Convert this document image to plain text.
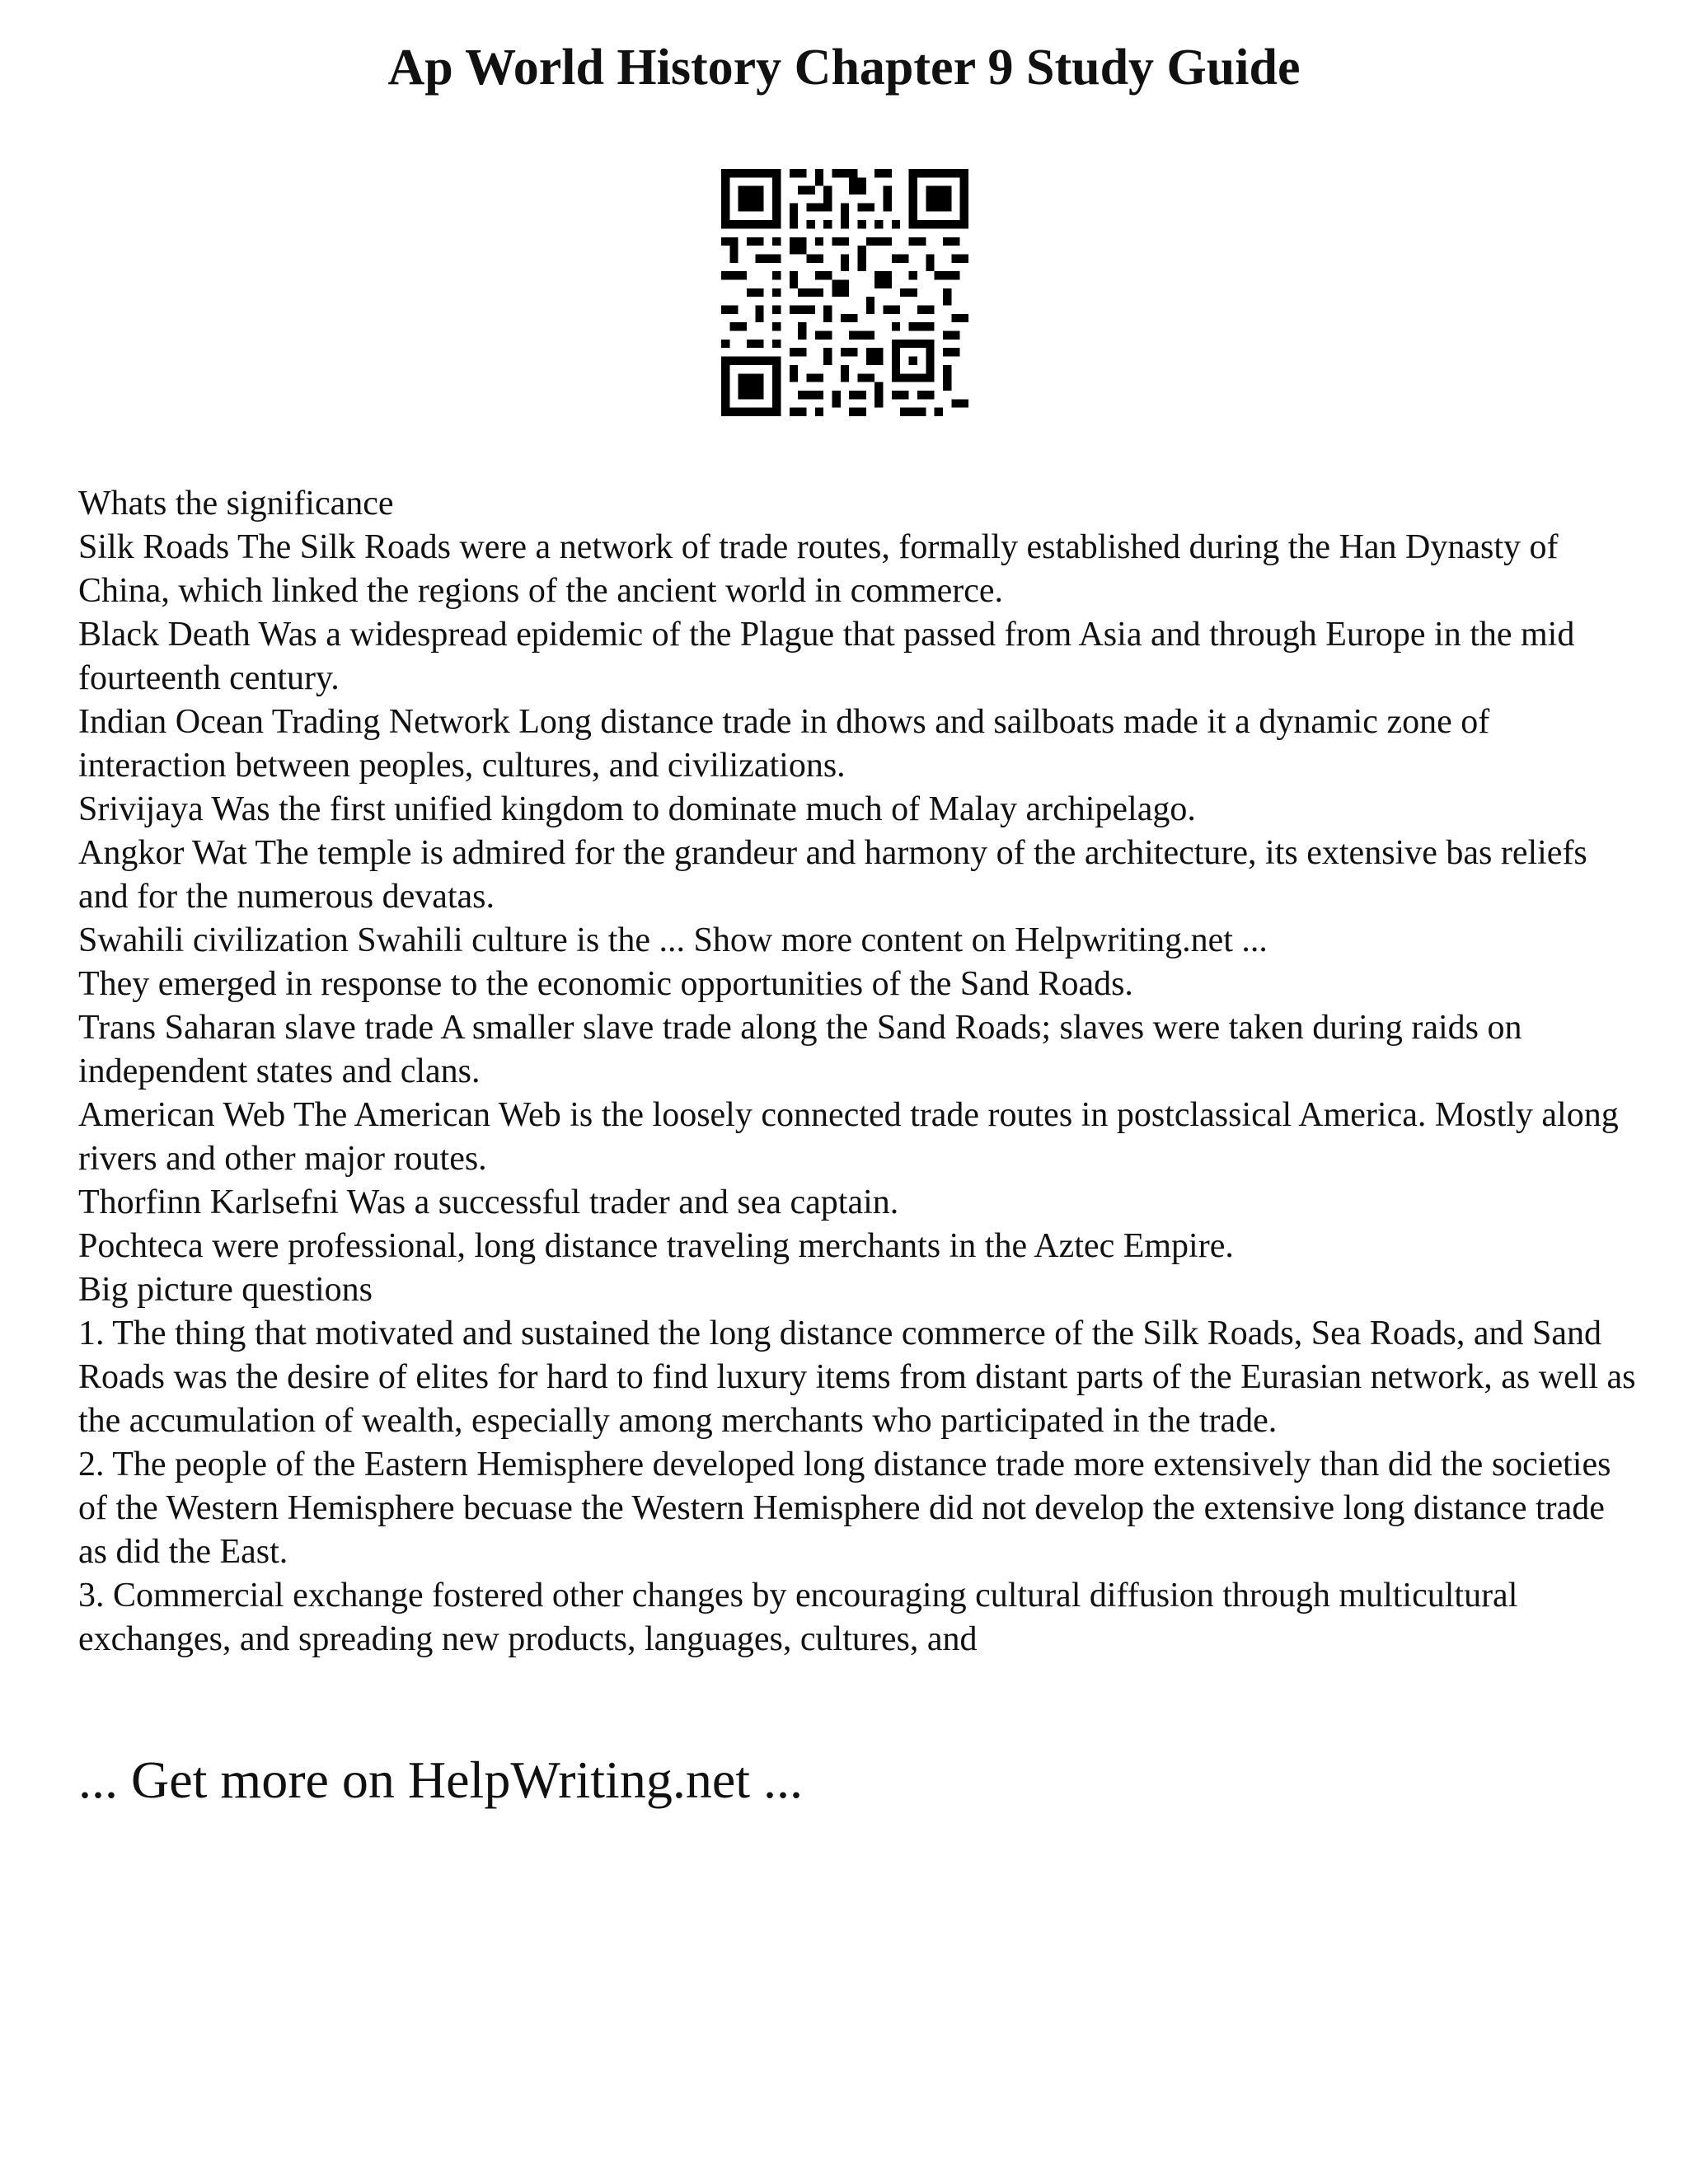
Ap World History Chapter 9 Study Guide

Whats the significance

Silk Roads The Silk Roads were a network of trade routes, formally established during the Han Dynasty of China, which linked the regions of the ancient world in commerce.

Black Death Was a widespread epidemic of the Plague that passed from Asia and through Europe in the mid fourteenth century.

Indian Ocean Trading Network Long distance trade in dhows and sailboats made it a dynamic zone of interaction between peoples, cultures, and civilizations.

Srivijaya Was the first unified kingdom to dominate much of Malay archipelago.

Angkor Wat The temple is admired for the grandeur and harmony of the architecture, its extensive bas reliefs and for the numerous devatas.

Swahili civilization Swahili culture is the ... Show more content on Helpwriting.net ...

They emerged in response to the economic opportunities of the Sand Roads.

Trans Saharan slave trade A smaller slave trade along the Sand Roads; slaves were taken during raids on independent states and clans.

American Web The American Web is the loosely connected trade routes in postclassical America. Mostly along rivers and other major routes.

Thorfinn Karlsefni Was a successful trader and sea captain.

Pochteca were professional, long distance traveling merchants in the Aztec Empire.

Big picture questions

1. The thing that motivated and sustained the long distance commerce of the Silk Roads, Sea Roads, and Sand Roads was the desire of elites for hard to find luxury items from distant parts of the Eurasian network, as well as the accumulation of wealth, especially among merchants who participated in the trade.

2. The people of the Eastern Hemisphere developed long distance trade more extensively than did the societies of the Western Hemisphere becuase the Western Hemisphere did not develop the extensive long distance trade as did the East.

3. Commercial exchange fostered other changes by encouraging cultural diffusion through multicultural exchanges, and spreading new products, languages, cultures, and

... Get more on HelpWriting.net ...
